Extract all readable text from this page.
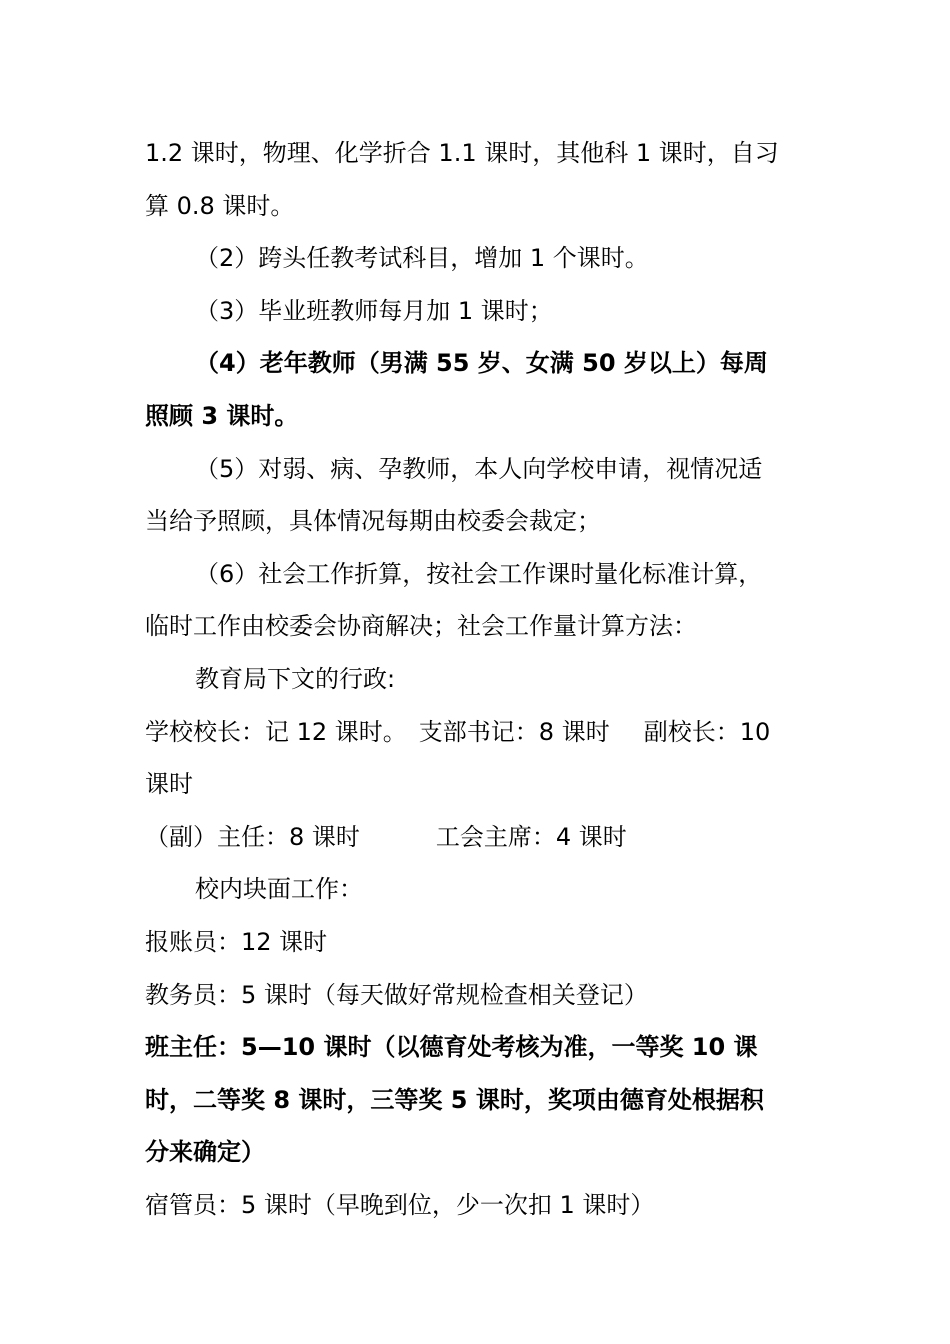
1.2 课时，物理、化学折合 1.1 课时，其他科 1 课时，自习
算 0.8 课时。
（2）跨头任教考试科目，增加 1 个课时。
（3）毕业班教师每月加 1 课时；
（4）老年教师（男满 55 岁、女满 50 岁以上）每周
照顾 3 课时。
（5）对弱、病、孕教师，本人向学校申请，视情况适
当给予照顾，具体情况每期由校委会裁定；
（6）社会工作折算，按社会工作课时量化标准计算，
临时工作由校委会协商解决；社会工作量计算方法：
教育局下文的行政:
学校校长：记 12 课时。 支部书记：8 课时 副校长：10
课时
（副）主任：8 课时	工会主席：4 课时
校内块面工作：
报账员：12 课时
教务员：5 课时（每天做好常规检查相关登记）
班主任：5—10 课时（以德育处考核为准，一等奖 10 课
时，二等奖 8 课时，三等奖 5 课时，奖项由德育处根据积
分来确定）
宿管员：5 课时（早晚到位，少一次扣 1 课时）
